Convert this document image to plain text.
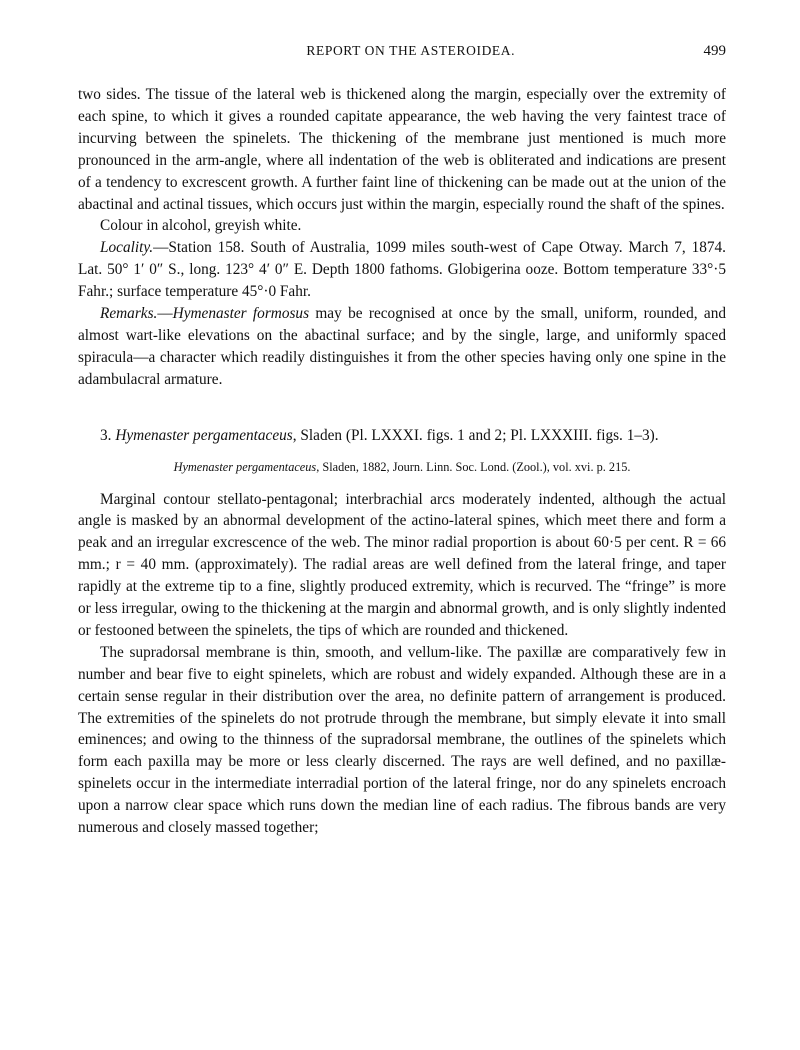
REPORT ON THE ASTEROIDEA.	499

two sides. The tissue of the lateral web is thickened along the margin, especially over the extremity of each spine, to which it gives a rounded capitate appearance, the web having the very faintest trace of incurving between the spinelets. The thickening of the membrane just mentioned is much more pronounced in the arm-angle, where all indentation of the web is obliterated and indications are present of a tendency to excrescent growth. A further faint line of thickening can be made out at the union of the abactinal and actinal tissues, which occurs just within the margin, especially round the shaft of the spines.

Colour in alcohol, greyish white.

Locality.—Station 158. South of Australia, 1099 miles south-west of Cape Otway. March 7, 1874. Lat. 50° 1′ 0″ S., long. 123° 4′ 0″ E. Depth 1800 fathoms. Globigerina ooze. Bottom temperature 33°·5 Fahr.; surface temperature 45°·0 Fahr.

Remarks.—Hymenaster formosus may be recognised at once by the small, uniform, rounded, and almost wart-like elevations on the abactinal surface; and by the single, large, and uniformly spaced spiracula—a character which readily distinguishes it from the other species having only one spine in the adambulacral armature.

3. Hymenaster pergamentaceus, Sladen (Pl. LXXXI. figs. 1 and 2; Pl. LXXXIII. figs. 1–3).

Hymenaster pergamentaceus, Sladen, 1882, Journ. Linn. Soc. Lond. (Zool.), vol. xvi. p. 215.

Marginal contour stellato-pentagonal; interbrachial arcs moderately indented, although the actual angle is masked by an abnormal development of the actino-lateral spines, which meet there and form a peak and an irregular excrescence of the web. The minor radial proportion is about 60·5 per cent. R = 66 mm.; r = 40 mm. (approximately). The radial areas are well defined from the lateral fringe, and taper rapidly at the extreme tip to a fine, slightly produced extremity, which is recurved. The “fringe” is more or less irregular, owing to the thickening at the margin and abnormal growth, and is only slightly indented or festooned between the spinelets, the tips of which are rounded and thickened.

The supradorsal membrane is thin, smooth, and vellum-like. The paxillæ are comparatively few in number and bear five to eight spinelets, which are robust and widely expanded. Although these are in a certain sense regular in their distribution over the area, no definite pattern of arrangement is produced. The extremities of the spinelets do not protrude through the membrane, but simply elevate it into small eminences; and owing to the thinness of the supradorsal membrane, the outlines of the spinelets which form each paxilla may be more or less clearly discerned. The rays are well defined, and no paxillæ-spinelets occur in the intermediate interradial portion of the lateral fringe, nor do any spinelets encroach upon a narrow clear space which runs down the median line of each radius. The fibrous bands are very numerous and closely massed together;
